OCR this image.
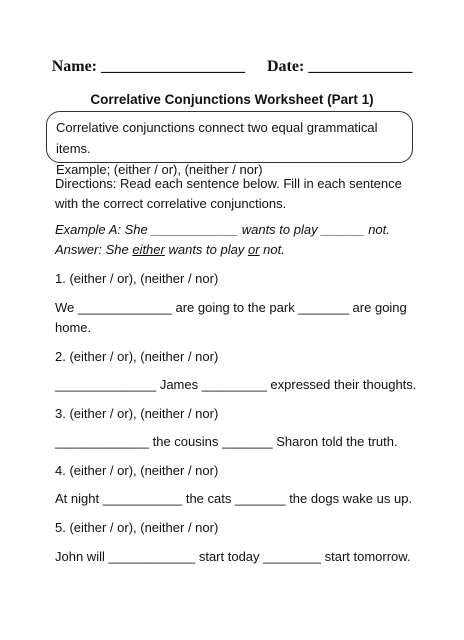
Name: __________________ Date: _____________
Correlative Conjunctions Worksheet (Part 1)
Correlative conjunctions connect two equal grammatical items.
Example; (either / or), (neither / nor)
Directions: Read each sentence below. Fill in each sentence
with the correct correlative conjunctions.
Example A: She ____________ wants to play ______ not.
Answer: She either wants to play or not.
1. (either / or), (neither / nor)
We _____________ are going to the park _______ are going
home.
2. (either / or), (neither / nor)
______________ James _________ expressed their thoughts.
3. (either / or), (neither / nor)
_____________ the cousins _______ Sharon told the truth.
4. (either / or), (neither / nor)
At night ___________ the cats _______ the dogs wake us up.
5. (either / or), (neither / nor)
John will ____________ start today ________ start tomorrow.
